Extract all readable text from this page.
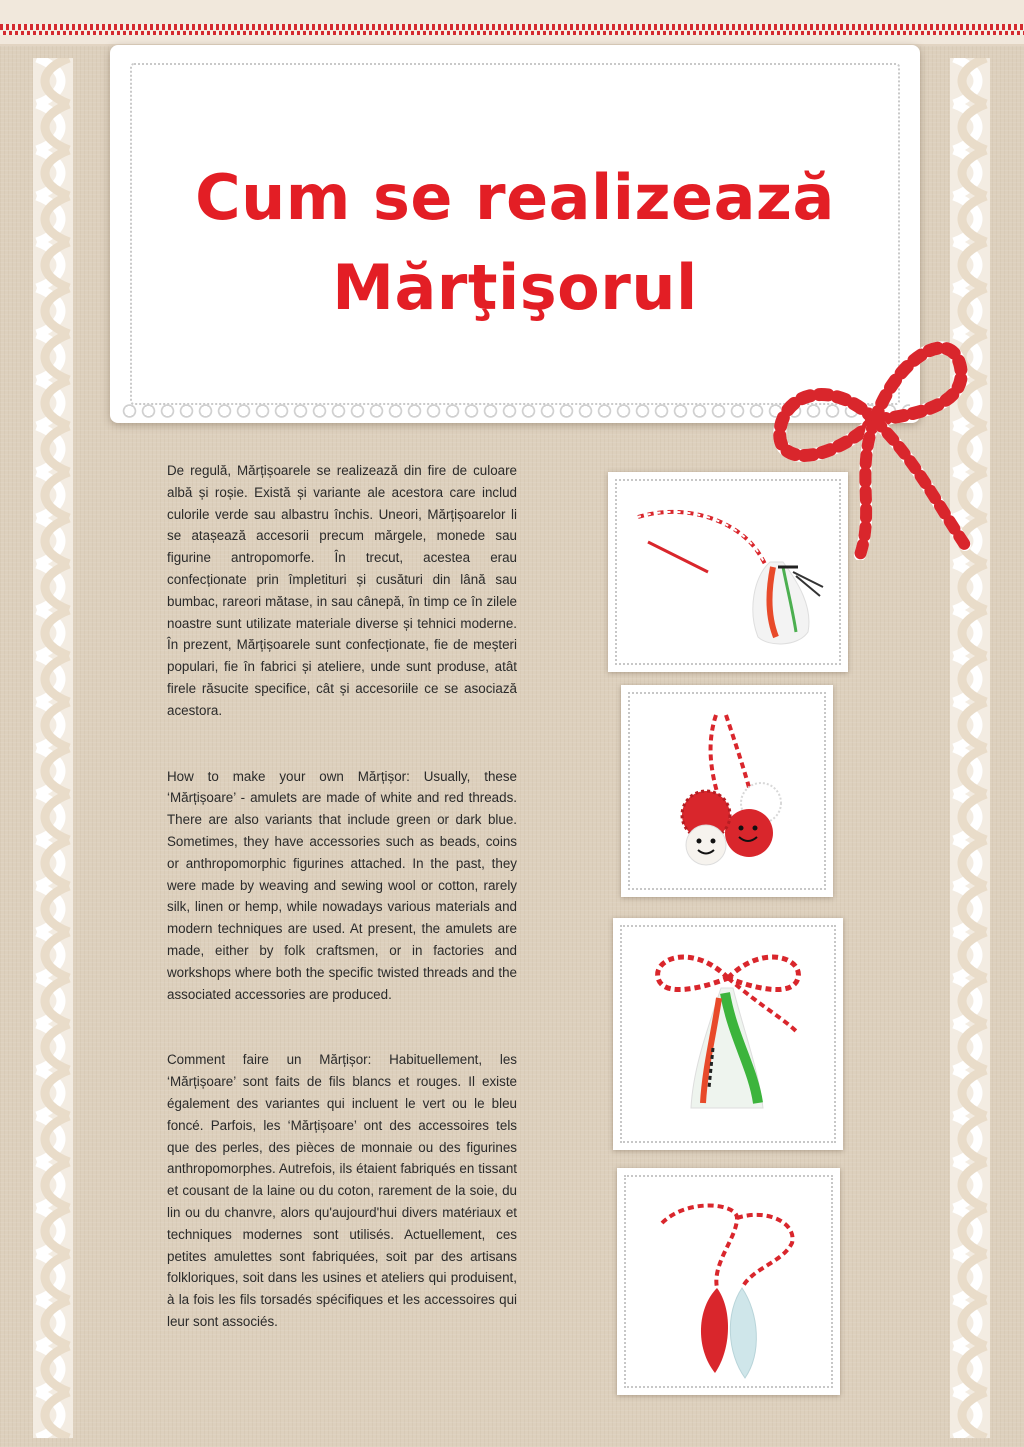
Cum se realizează
Mărţişorul

De regulă, Mărțișoarele se realizează din fire de culoare albă și roșie. Există și variante ale acestora care includ culorile verde sau albastru închis. Uneori, Mărțișoarelor li se atașează accesorii precum mărgele, monede sau figurine antropomorfe. În trecut, acestea erau confecționate prin împletituri și cusături din lână sau bumbac, rareori mătase, in sau cânepă, în timp ce în zilele noastre sunt utilizate materiale diverse și tehnici moderne. În prezent, Mărțișoarele sunt confecționate, fie de meșteri populari, fie în fabrici și ateliere, unde sunt produse, atât firele răsucite specifice, cât și accesoriile ce se asociază acestora.

How to make your own Mărțișor: Usually, these ‘Mărțișoare’ - amulets are made of white and red threads. There are also variants that include green or dark blue. Sometimes, they have accessories such as beads, coins or anthropomorphic figurines attached. In the past, they were made by weaving and sewing wool or cotton, rarely silk, linen or hemp, while nowadays various materials and modern techniques are used. At present, the amulets are made, either by folk craftsmen, or in factories and workshops where both the specific twisted threads and the associated accessories are produced.

Comment faire un Mărțișor: Habituellement, les ‘Mărțișoare’ sont faits de fils blancs et rouges. Il existe également des variantes qui incluent le vert ou le bleu foncé. Parfois, les ‘Mărțișoare’ ont des accessoires tels que des perles, des pièces de monnaie ou des figurines anthropomorphes. Autrefois, ils étaient fabriqués en tissant et cousant de la laine ou du coton, rarement de la soie, du lin ou du chanvre, alors qu'aujourd'hui divers matériaux et techniques modernes sont utilisés. Actuellement, ces petites amulettes sont fabriquées, soit par des artisans folkloriques, soit dans les usines et ateliers qui produisent, à la fois les fils torsadés spécifiques et les accessoires qui leur sont associés.
